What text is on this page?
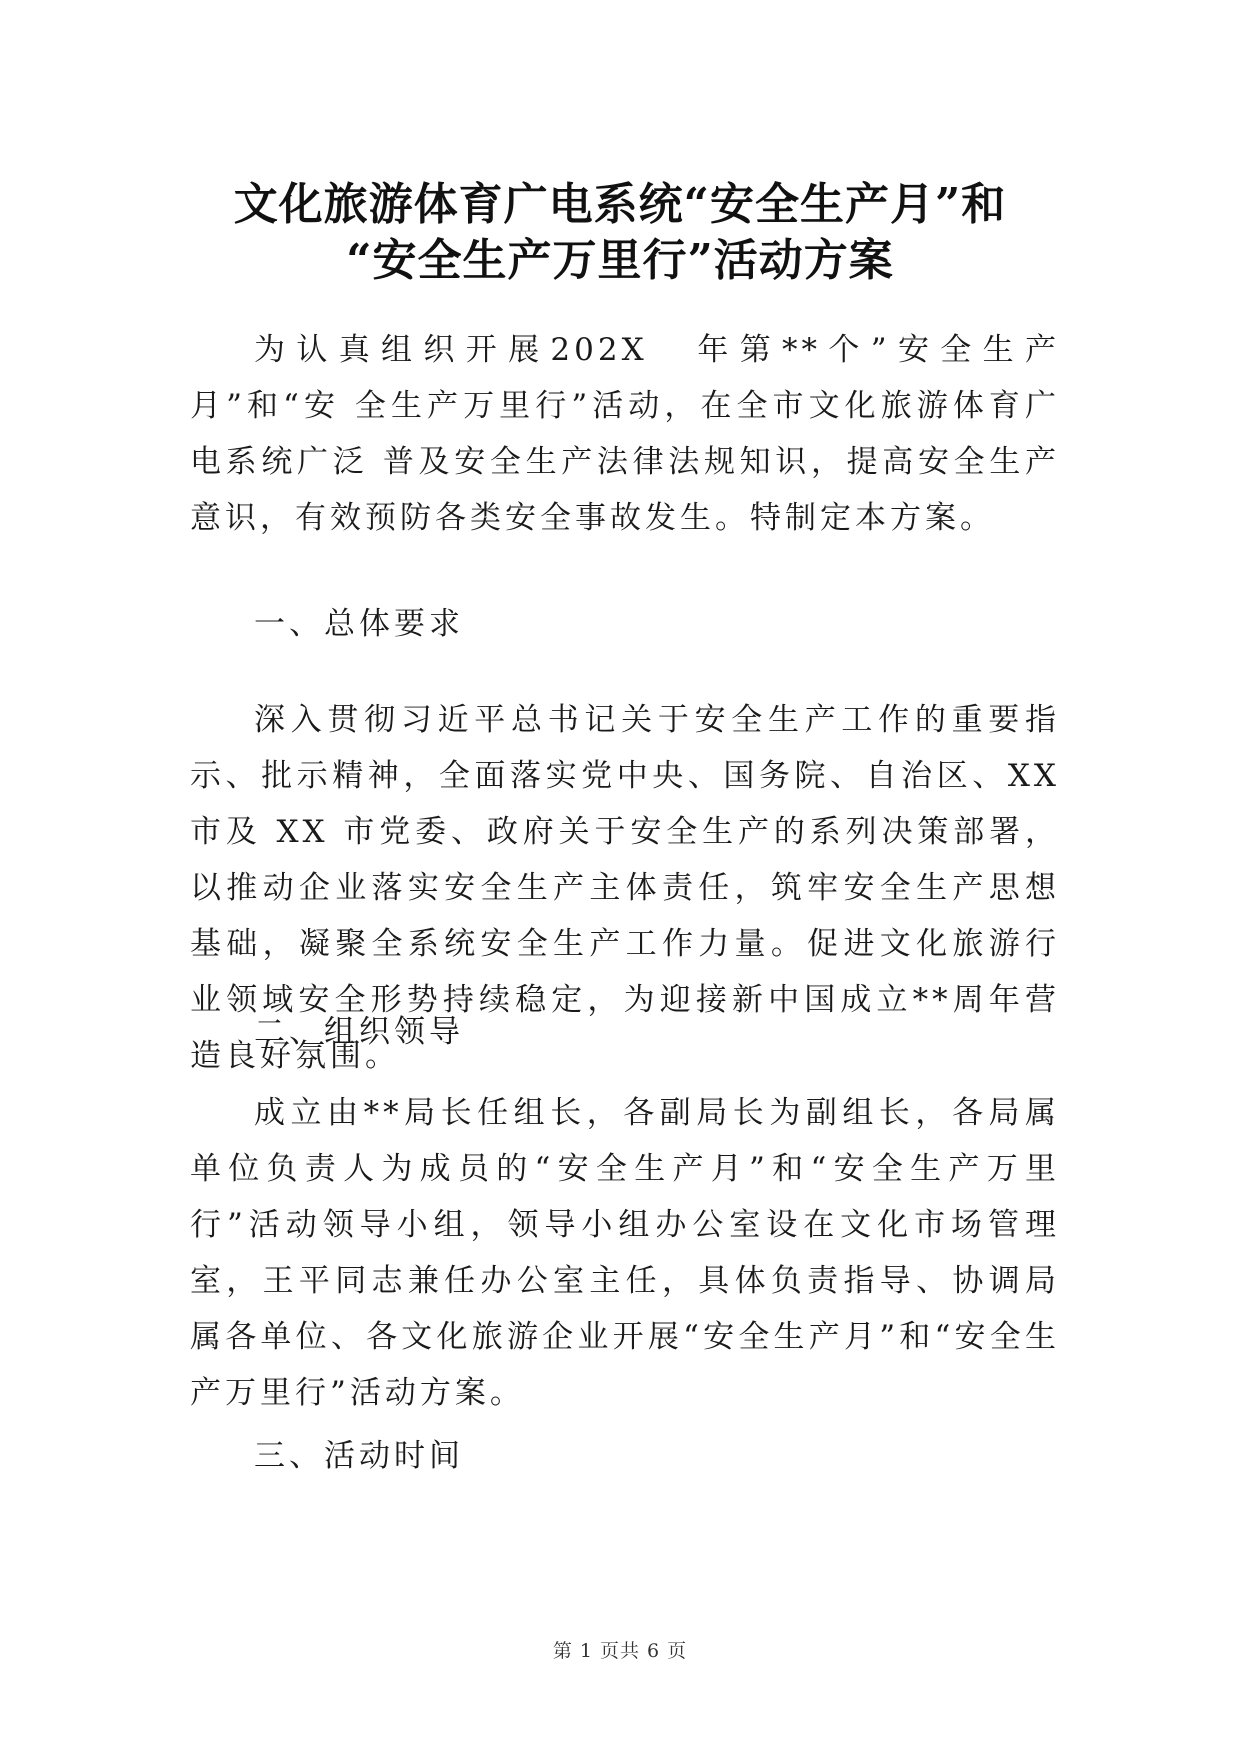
文化旅游体育广电系统“安全生产月”和
“安全生产万里行”活动方案

为认真组织开展202X　年第**个”安全生产月”和“安 全生产万里行”活动，在全市文化旅游体育广电系统广泛 普及安全生产法律法规知识，提高安全生产意识，有效预防各类安全事故发生。特制定本方案。

一、总体要求

深入贯彻习近平总书记关于安全生产工作的重要指示、批示精神，全面落实党中央、国务院、自治区、XX 市及 XX 市党委、政府关于安全生产的系列决策部署，以推动企业落实安全生产主体责任，筑牢安全生产思想基础，凝聚全系统安全生产工作力量。促进文化旅游行业领域安全形势持续稳定，为迎接新中国成立**周年营造良好氛围。

二、组织领导

成立由**局长任组长，各副局长为副组长，各局属单位负责人为成员的“安全生产月”和“安全生产万里行”活动领导小组，领导小组办公室设在文化市场管理室，王平同志兼任办公室主任，具体负责指导、协调局属各单位、各文化旅游企业开展“安全生产月”和“安全生产万里行”活动方案。

三、活动时间

第 1 页共 6 页
